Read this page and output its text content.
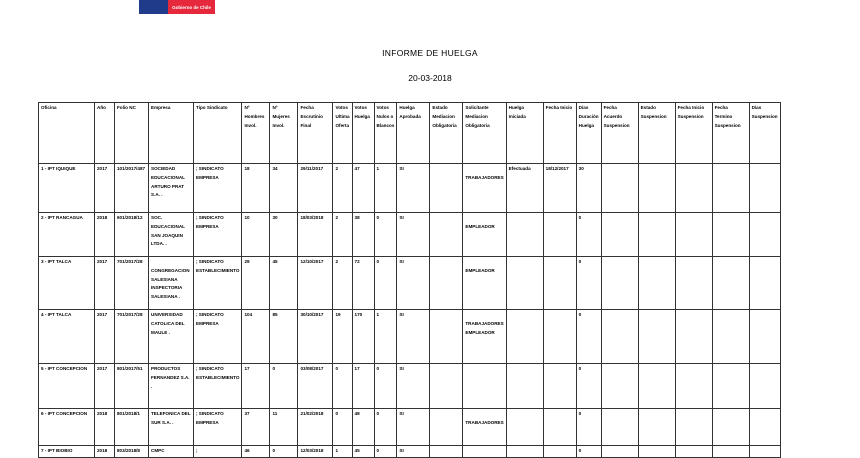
Gobierno de Chile
INFORME DE HUELGA
20-03-2018
Oficina	Año	Folio NC	Empresa	Tipo Sindicato	Nº Hombres Invol.	Nº Mujeres Invol.	Fecha Escrutinio Final	Votos Ultima Oferta	Votos Huelga	Votos Nulos o Blancos	Huelga Aprobada	Estado Mediacion Obligatoria	Solicitante Mediacion Obligatoria	Huelga Iniciada	Fecha Inicio	Días Duración Huelga	Fecha Acuerdo Suspension	Estado Suspension	Fecha Inicio Suspension	Fecha Termino Suspension	Días Suspension
1 - IPT IQUIQUE	2017	101/2017/487	SOCIEDAD EDUCACIONAL ARTURO PRAT S.A. .	; SINDICATO EMPRESA	18	34	29/11/2017	2	47	1	SI		TRABAJADORES	Efectuada	18/12/2017	30					
2 - IPT RANCAGUA	2018	601/2018/12	SOC. EDUCACIONAL SAN JOAQUIN LTDA. .	; SINDICATO EMPRESA	10	30	18/03/2018	2	38	0	SI		EMPLEADOR			0					
3 - IPT TALCA	2017	701/2017/28	CONGREGACION SALESIANA INSPECTORIA SALESIANA .	; SINDICATO ESTABLECIMIENTO	29	45	12/10/2017	2	72	0	SI		EMPLEADOR			0					
4 - IPT TALCA	2017	701/2017/28	UNIVERSIDAD CATOLICA DEL MAULE .	; SINDICATO EMPRESA	104	85	30/10/2017	19	170	1	SI		TRABAJADORES EMPLEADOR			0					
5 - IPT CONCEPCION	2017	801/2017/51	PRODUCTOS FERNANDEZ S.A. .	; SINDICATO ESTABLECIMIENTO	17	0	03/08/2017	0	17	0	SI					0					
6 - IPT CONCEPCION	2018	801/2018/1	TELEFONICA DEL SUR S.A. .	; SINDICATO EMPRESA	37	11	21/02/2018	0	48	0	SI		TRABAJADORES			0					
7 - IPT BIOBIO	2018	803/2018/8	CMPC	;	46	0	12/03/2018	1	45	0	SI					0					
